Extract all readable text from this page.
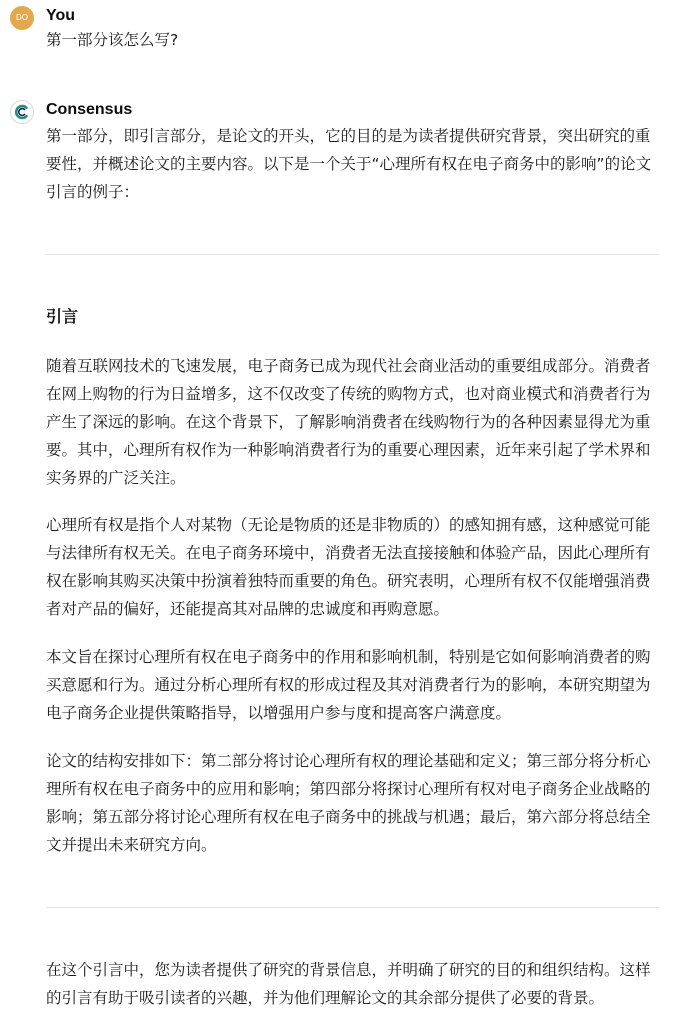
DO	You

第一部分该怎么写?

Consensus

第一部分，即引言部分，是论文的开头，它的目的是为读者提供研究背景，突出研究的重要性，并概述论文的主要内容。以下是一个关于“心理所有权在电子商务中的影响”的论文引言的例子：

引言

随着互联网技术的飞速发展，电子商务已成为现代社会商业活动的重要组成部分。消费者在网上购物的行为日益增多，这不仅改变了传统的购物方式，也对商业模式和消费者行为产生了深远的影响。在这个背景下，了解影响消费者在线购物行为的各种因素显得尤为重要。其中，心理所有权作为一种影响消费者行为的重要心理因素，近年来引起了学术界和实务界的广泛关注。

心理所有权是指个人对某物（无论是物质的还是非物质的）的感知拥有感，这种感觉可能与法律所有权无关。在电子商务环境中，消费者无法直接接触和体验产品，因此心理所有权在影响其购买决策中扮演着独特而重要的角色。研究表明，心理所有权不仅能增强消费者对产品的偏好，还能提高其对品牌的忠诚度和再购意愿。

本文旨在探讨心理所有权在电子商务中的作用和影响机制，特别是它如何影响消费者的购买意愿和行为。通过分析心理所有权的形成过程及其对消费者行为的影响，本研究期望为电子商务企业提供策略指导，以增强用户参与度和提高客户满意度。

论文的结构安排如下：第二部分将讨论心理所有权的理论基础和定义；第三部分将分析心理所有权在电子商务中的应用和影响；第四部分将探讨心理所有权对电子商务企业战略的影响；第五部分将讨论心理所有权在电子商务中的挑战与机遇；最后，第六部分将总结全文并提出未来研究方向。

在这个引言中，您为读者提供了研究的背景信息，并明确了研究的目的和组织结构。这样的引言有助于吸引读者的兴趣，并为他们理解论文的其余部分提供了必要的背景。
